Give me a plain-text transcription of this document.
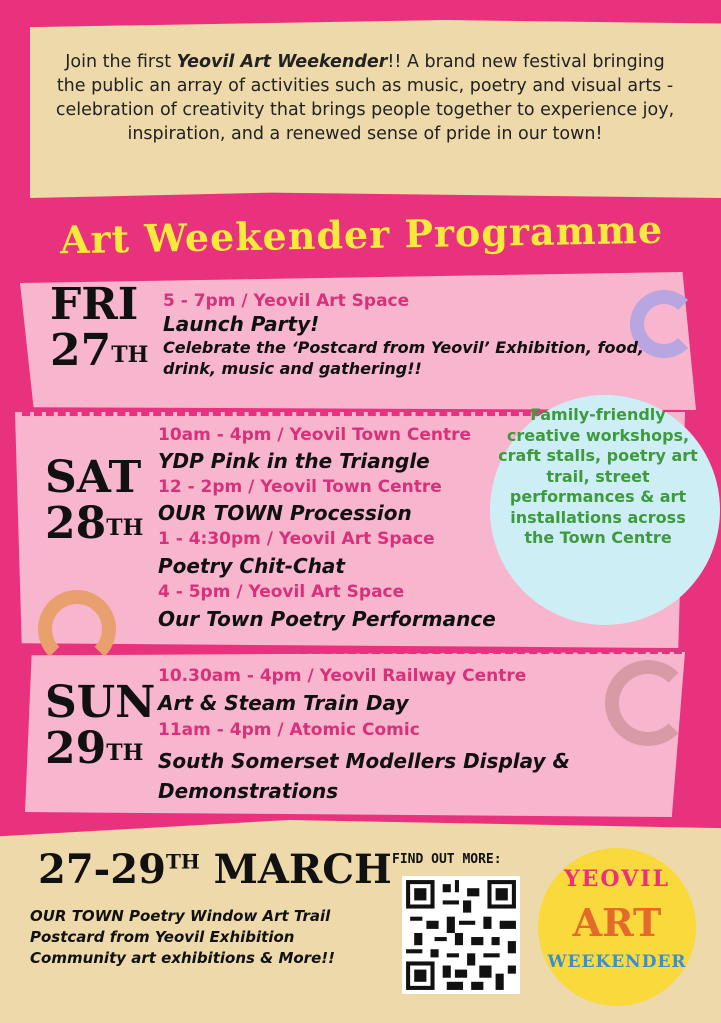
Join the first Yeovil Art Weekender!! A brand new festival bringing the public an array of activities such as music, poetry and visual arts - celebration of creativity that brings people together to experience joy, inspiration, and a renewed sense of pride in our town!
Art Weekender Programme
FRI
27TH
5 - 7pm / Yeovil Art Space
Launch Party!
Celebrate the ‘Postcard from Yeovil’ Exhibition, food, drink, music and gathering!!
SAT
28TH
10am - 4pm / Yeovil Town Centre
YDP Pink in the Triangle
12 - 2pm / Yeovil Town Centre
OUR TOWN Procession
1 - 4:30pm / Yeovil Art Space
Poetry Chit-Chat
4 - 5pm / Yeovil Art Space
Our Town Poetry Performance
Family-friendly creative workshops, craft stalls, poetry art trail, street performances & art installations across the Town Centre
SUN
29TH
10.30am - 4pm / Yeovil Railway Centre
Art & Steam Train Day
11am - 4pm / Atomic Comic
South Somerset Modellers Display & Demonstrations
27-29TH MARCH
OUR TOWN Poetry Window Art Trail
Postcard from Yeovil Exhibition
Community art exhibitions & More!!
FIND OUT MORE:
YEOVIL
ART
WEEKENDER
